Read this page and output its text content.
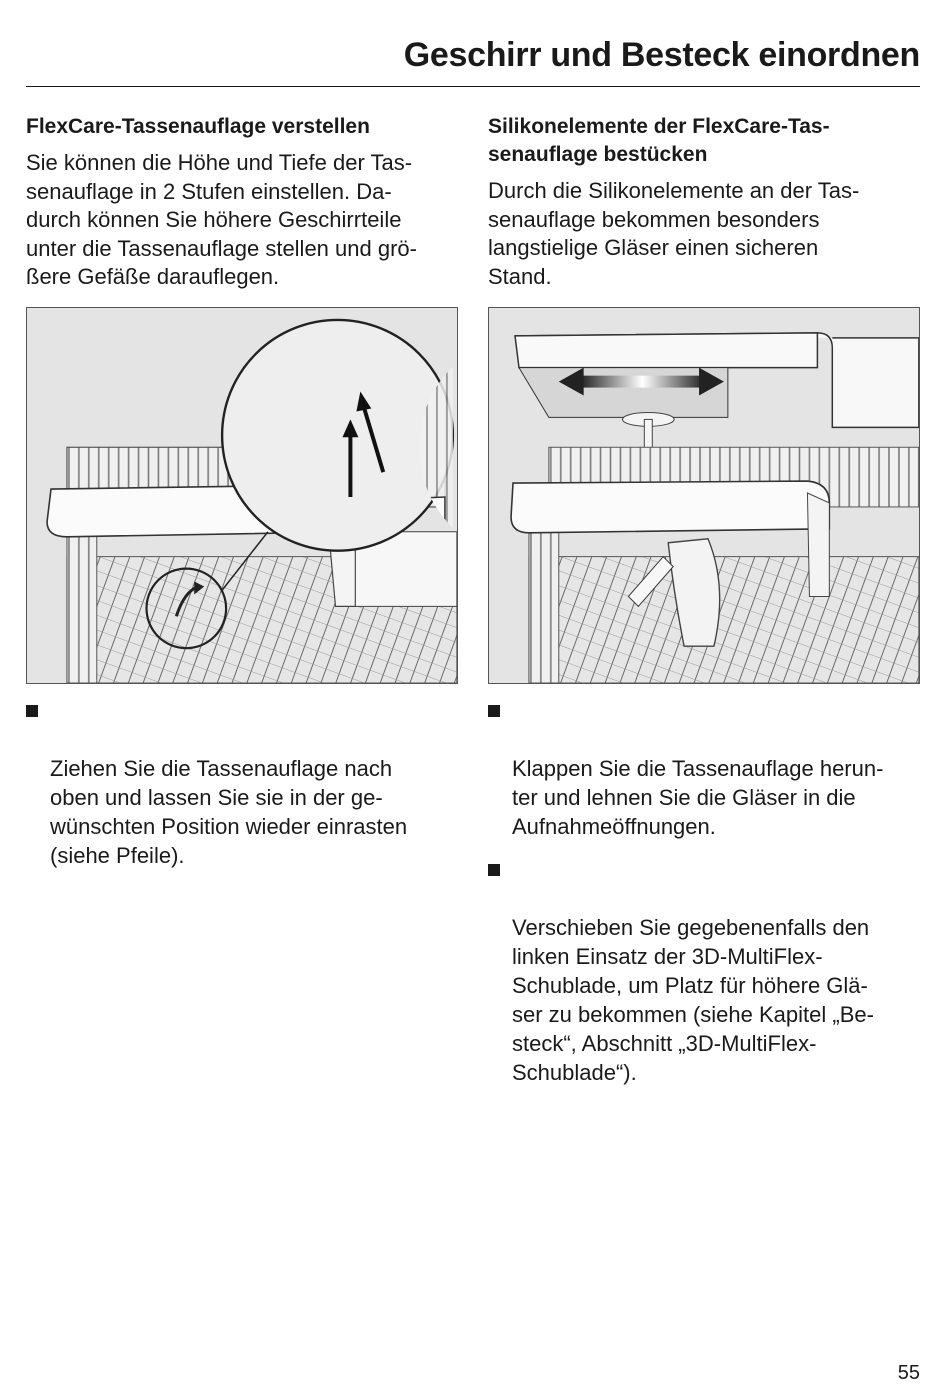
Geschirr und Besteck einordnen
FlexCare-Tassenauflage verstellen

Sie können die Höhe und Tiefe der Tas-
senauflage in 2 Stufen einstellen. Da-
durch können Sie höhere Geschirrteile
unter die Tassenauflage stellen und grö-
ßere Gefäße darauflegen.

Ziehen Sie die Tassenauflage nach
oben und lassen Sie sie in der ge-
wünschten Position wieder einrasten
(siehe Pfeile).

Silikonelemente der FlexCare-Tas-
senauflage bestücken

Durch die Silikonelemente an der Tas-
senauflage bekommen besonders
langstielige Gläser einen sicheren
Stand.

Klappen Sie die Tassenauflage herun-
ter und lehnen Sie die Gläser in die
Aufnahmeöffnungen.

Verschieben Sie gegebenenfalls den
linken Einsatz der 3D-MultiFlex-
Schublade, um Platz für höhere Glä-
ser zu bekommen (siehe Kapitel „Be-
steck“, Abschnitt „3D-MultiFlex-
Schublade“).

55
